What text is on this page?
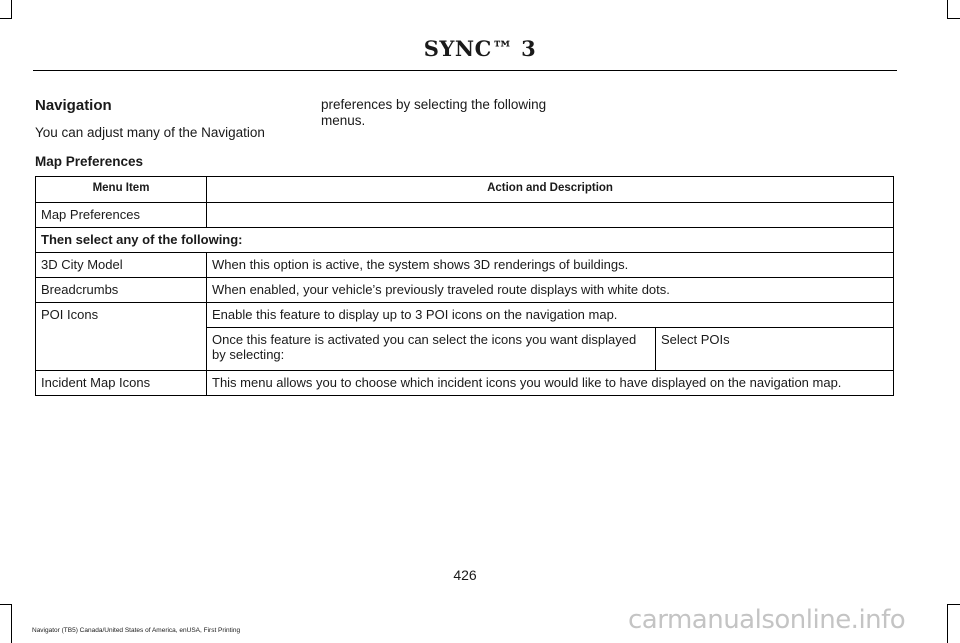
SYNC™ 3
Navigation
You can adjust many of the Navigation
preferences by selecting the following menus.
Map Preferences
Menu Item	Action and Description	
Map Preferences		
Then select any of the following:		
3D City Model	When this option is active, the system shows 3D renderings of buildings.	
Breadcrumbs	When enabled, your vehicle’s previously traveled route displays with white dots.	
POI Icons	Enable this feature to display up to 3 POI icons on the navigation map.	
	Once this feature is activated you can select the icons you want displayed by selecting:	Select POIs
Incident Map Icons	This menu allows you to choose which incident icons you would like to have displayed on the navigation map.	
426
Navigator (TB5) Canada/United States of America, enUSA, First Printing	carmanualsonline.info
